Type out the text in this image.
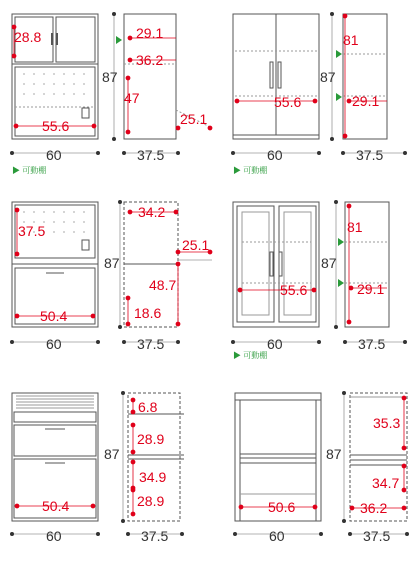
28.8
55.6
60
▶ 可動棚
29.1
36.2
47
25.1
87
37.5
55.6
60
▶ 可動棚
81
29.1
87
37.5
37.5
50.4
60
34.2
25.1
48.7
18.6
87
37.5
55.6
60
▶ 可動棚
81
29.1
87
37.5
50.4
60
6.8
28.9
34.9
28.9
87
37.5
50.6
60
35.3
34.7
36.2
87
37.5
